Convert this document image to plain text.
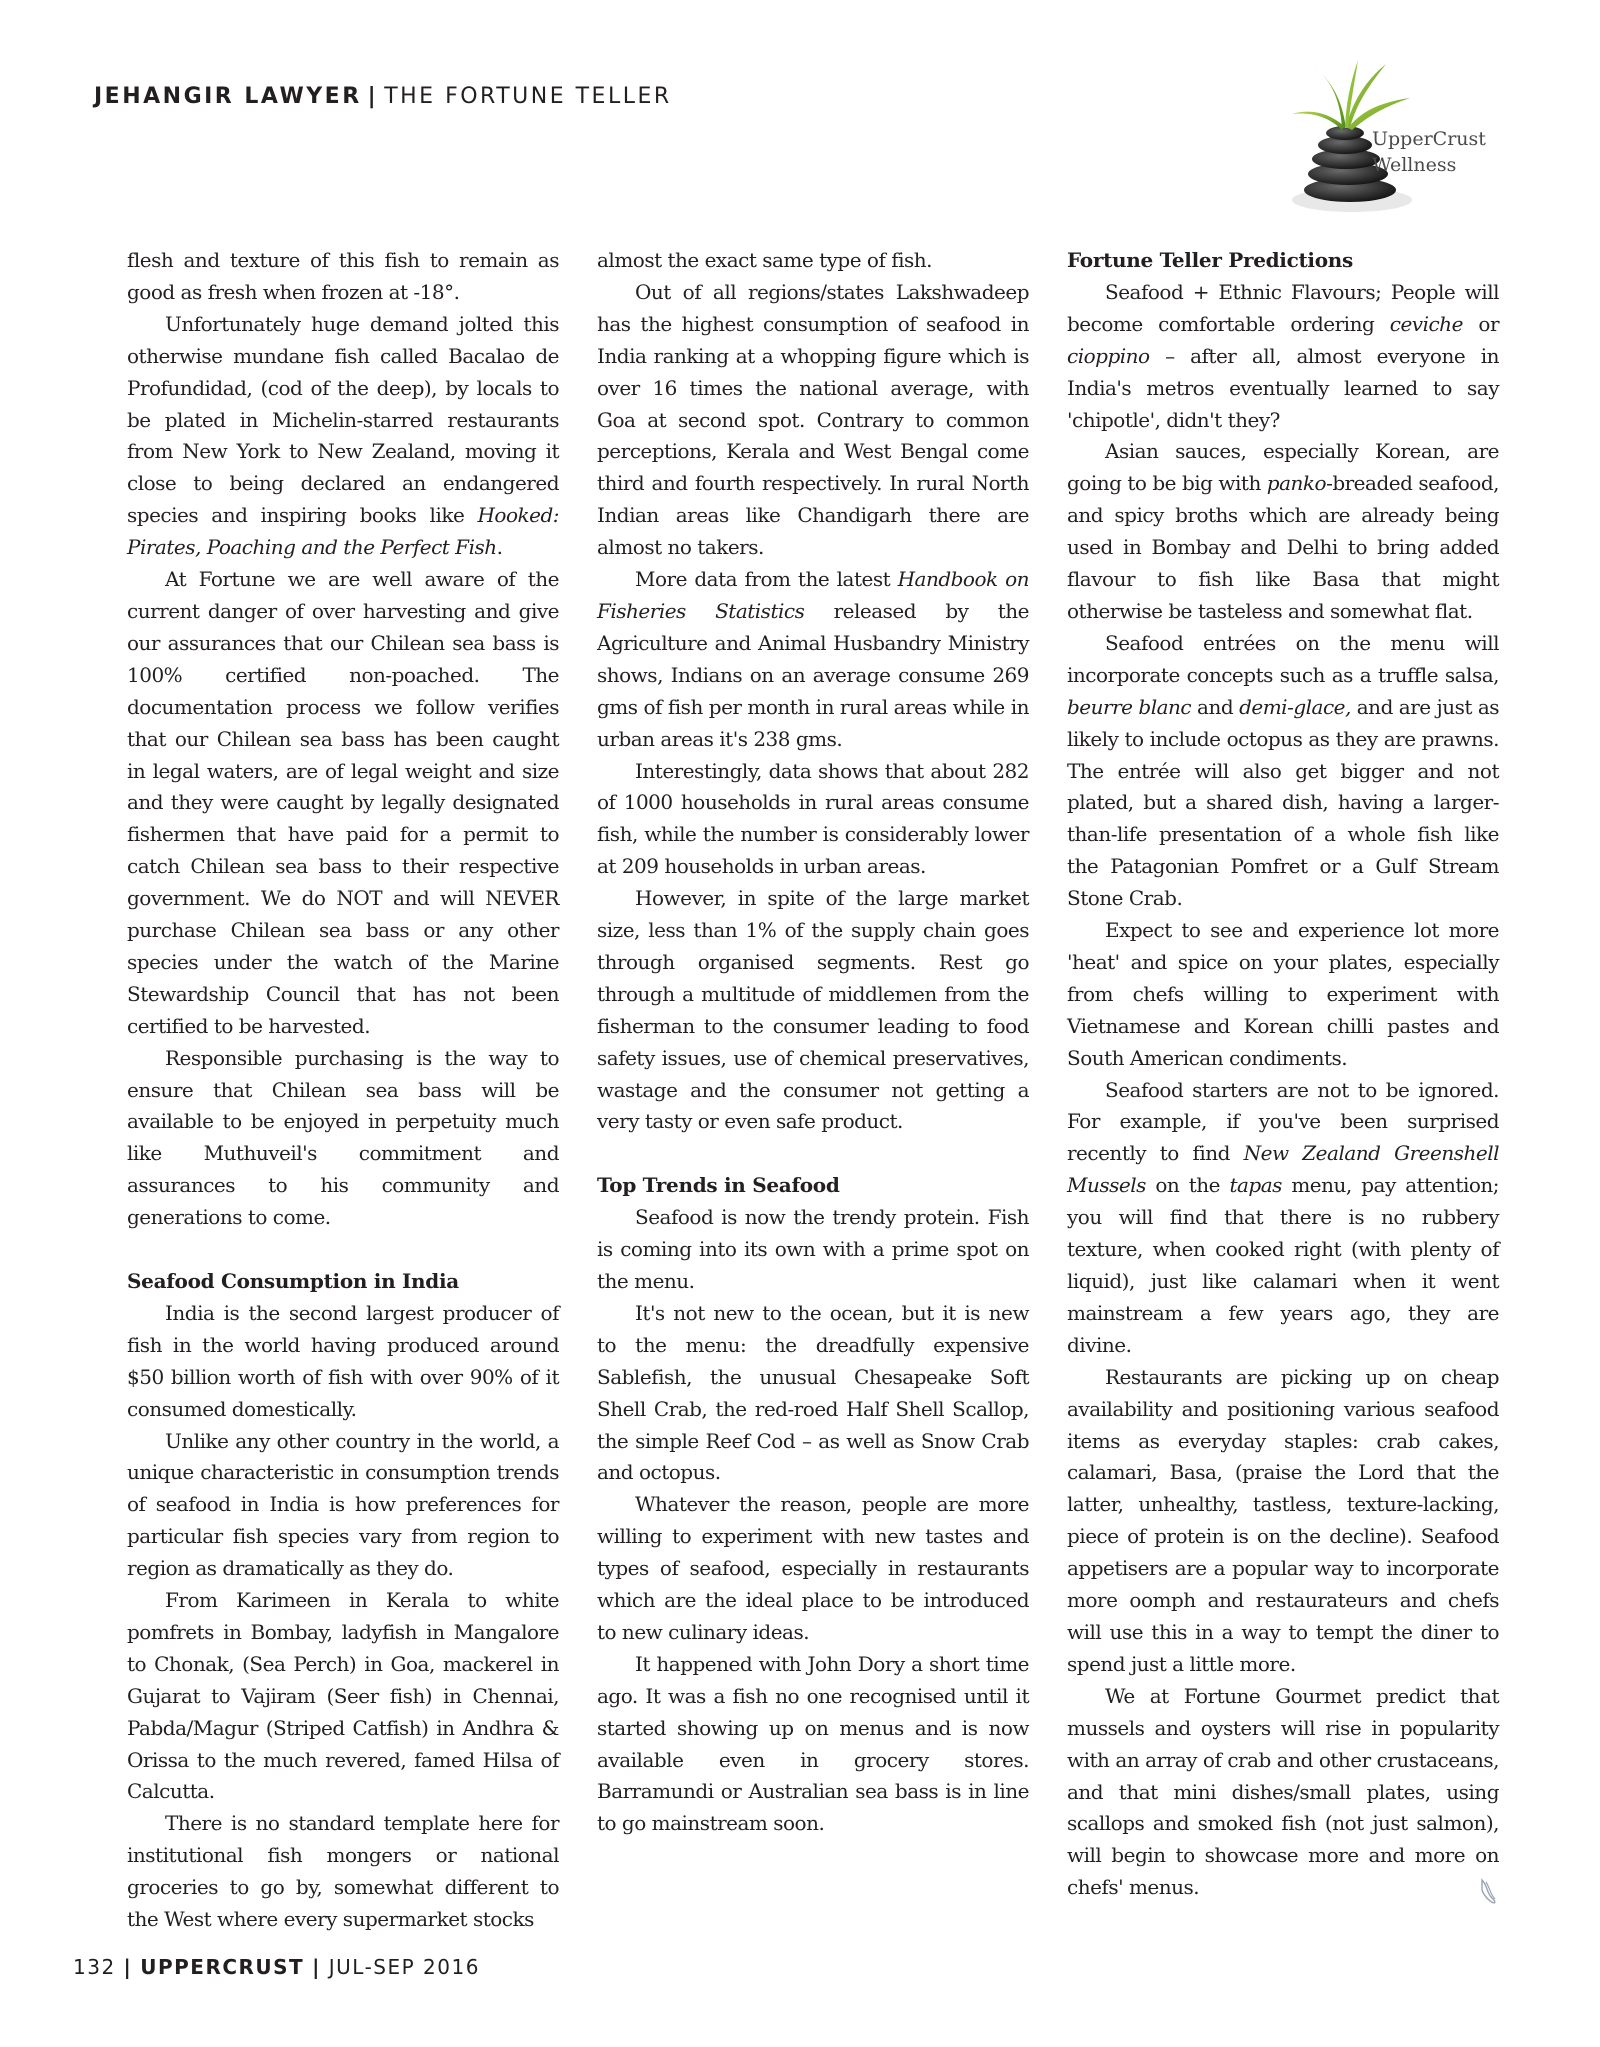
JEHANGIR LAWYER | THE FORTUNE TELLER
UpperCrust
Wellness

flesh and texture of this fish to remain as good as fresh when frozen at -18°.

Unfortunately huge demand jolted this otherwise mundane fish called Bacalao de Profundidad, (cod of the deep), by locals to be plated in Michelin-starred restaurants from New York to New Zealand, moving it close to being declared an endangered species and inspiring books like Hooked: Pirates, Poaching and the Perfect Fish.

At Fortune we are well aware of the current danger of over harvesting and give our assurances that our Chilean sea bass is 100% certified non-poached. The documentation process we follow verifies that our Chilean sea bass has been caught in legal waters, are of legal weight and size and they were caught by legally designated fishermen that have paid for a permit to catch Chilean sea bass to their respective government. We do NOT and will NEVER purchase Chilean sea bass or any other species under the watch of the Marine Stewardship Council that has not been certified to be harvested.

Responsible purchasing is the way to ensure that Chilean sea bass will be available to be enjoyed in perpetuity much like Muthuveil's commitment and assurances to his community and generations to come.

Seafood Consumption in India

India is the second largest producer of fish in the world having produced around $50 billion worth of fish with over 90% of it consumed domestically.

Unlike any other country in the world, a unique characteristic in consumption trends of seafood in India is how preferences for particular fish species vary from region to region as dramatically as they do.

From Karimeen in Kerala to white pomfrets in Bombay, ladyfish in Mangalore to Chonak, (Sea Perch) in Goa, mackerel in Gujarat to Vajiram (Seer fish) in Chennai, Pabda/Magur (Striped Catfish) in Andhra & Orissa to the much revered, famed Hilsa of Calcutta.

There is no standard template here for institutional fish mongers or national groceries to go by, somewhat different to the West where every supermarket stocks

almost the exact same type of fish.

Out of all regions/states Lakshwadeep has the highest consumption of seafood in India ranking at a whopping figure which is over 16 times the national average, with Goa at second spot. Contrary to common perceptions, Kerala and West Bengal come third and fourth respectively. In rural North Indian areas like Chandigarh there are almost no takers.

More data from the latest Handbook on Fisheries Statistics released by the Agriculture and Animal Husbandry Ministry shows, Indians on an average consume 269 gms of fish per month in rural areas while in urban areas it's 238 gms.

Interestingly, data shows that about 282 of 1000 households in rural areas consume fish, while the number is considerably lower at 209 households in urban areas.

However, in spite of the large market size, less than 1% of the supply chain goes through organised segments. Rest go through a multitude of middlemen from the fisherman to the consumer leading to food safety issues, use of chemical preservatives, wastage and the consumer not getting a very tasty or even safe product.

Top Trends in Seafood

Seafood is now the trendy protein. Fish is coming into its own with a prime spot on the menu.

It's not new to the ocean, but it is new to the menu: the dreadfully expensive Sablefish, the unusual Chesapeake Soft Shell Crab, the red-roed Half Shell Scallop, the simple Reef Cod – as well as Snow Crab and octopus.

Whatever the reason, people are more willing to experiment with new tastes and types of seafood, especially in restaurants which are the ideal place to be introduced to new culinary ideas.

It happened with John Dory a short time ago. It was a fish no one recognised until it started showing up on menus and is now available even in grocery stores. Barramundi or Australian sea bass is in line to go mainstream soon.

Fortune Teller Predictions

Seafood + Ethnic Flavours; People will become comfortable ordering ceviche or cioppino – after all, almost everyone in India's metros eventually learned to say 'chipotle', didn't they?

Asian sauces, especially Korean, are going to be big with panko-breaded seafood, and spicy broths which are already being used in Bombay and Delhi to bring added flavour to fish like Basa that might otherwise be tasteless and somewhat flat.

Seafood entrées on the menu will incorporate concepts such as a truffle salsa, beurre blanc and demi-glace, and are just as likely to include octopus as they are prawns. The entrée will also get bigger and not plated, but a shared dish, having a larger-than-life presentation of a whole fish like the Patagonian Pomfret or a Gulf Stream Stone Crab.

Expect to see and experience lot more 'heat' and spice on your plates, especially from chefs willing to experiment with Vietnamese and Korean chilli pastes and South American condiments.

Seafood starters are not to be ignored. For example, if you've been surprised recently to find New Zealand Greenshell Mussels on the tapas menu, pay attention; you will find that there is no rubbery texture, when cooked right (with plenty of liquid), just like calamari when it went mainstream a few years ago, they are divine.

Restaurants are picking up on cheap availability and positioning various seafood items as everyday staples: crab cakes, calamari, Basa, (praise the Lord that the latter, unhealthy, tastless, texture-lacking, piece of protein is on the decline). Seafood appetisers are a popular way to incorporate more oomph and restaurateurs and chefs will use this in a way to tempt the diner to spend just a little more.

We at Fortune Gourmet predict that mussels and oysters will rise in popularity with an array of crab and other crustaceans, and that mini dishes/small plates, using scallops and smoked fish (not just salmon), will begin to showcase more and more on chefs' menus.

132 | UPPERCRUST | JUL-SEP 2016
